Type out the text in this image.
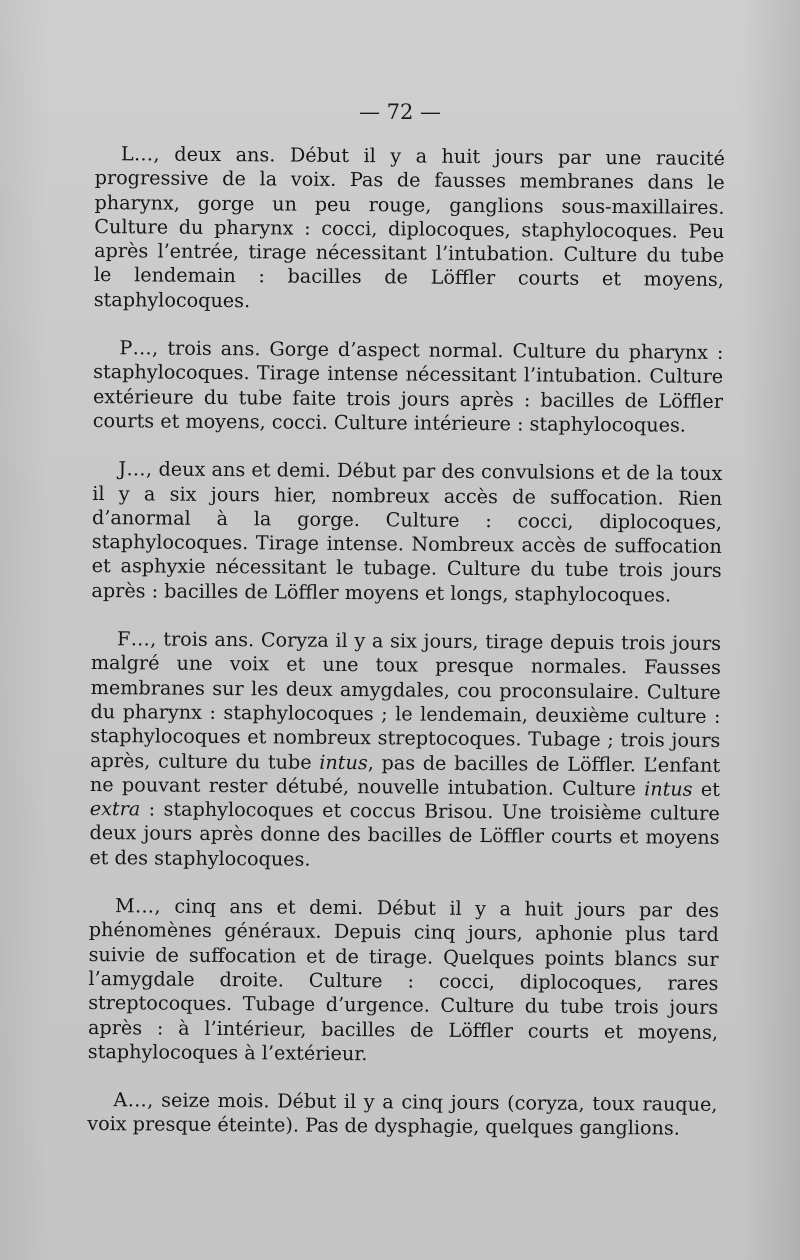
— 72 —

L…, deux ans. Début il y a huit jours par une raucité progressive de la voix. Pas de fausses membranes dans le pharynx, gorge un peu rouge, ganglions sous-maxillaires. Culture du pharynx : cocci, diplocoques, staphylocoques. Peu après l’entrée, tirage nécessitant l’intubation. Culture du tube le lendemain : bacilles de Löffler courts et moyens, staphylocoques.

P…, trois ans. Gorge d’aspect normal. Culture du pharynx : staphylocoques. Tirage intense nécessitant l’intubation. Culture extérieure du tube faite trois jours après : bacilles de Löffler courts et moyens, cocci. Culture intérieure : staphylocoques.

J…, deux ans et demi. Début par des convulsions et de la toux il y a six jours hier, nombreux accès de suffocation. Rien d’anormal à la gorge. Culture : cocci, diplocoques, staphylocoques. Tirage intense. Nombreux accès de suffocation et asphyxie nécessitant le tubage. Culture du tube trois jours après : bacilles de Löffler moyens et longs, staphylocoques.

F…, trois ans. Coryza il y a six jours, tirage depuis trois jours malgré une voix et une toux presque normales. Fausses membranes sur les deux amygdales, cou proconsulaire. Culture du pharynx : staphylocoques ; le lendemain, deuxième culture : staphylocoques et nombreux streptocoques. Tubage ; trois jours après, culture du tube intus, pas de bacilles de Löffler. L’enfant ne pouvant rester détubé, nouvelle intubation. Culture intus et extra : staphylocoques et coccus Brisou. Une troisième culture deux jours après donne des bacilles de Löffler courts et moyens et des staphylocoques.

M…, cinq ans et demi. Début il y a huit jours par des phénomènes généraux. Depuis cinq jours, aphonie plus tard suivie de suffocation et de tirage. Quelques points blancs sur l’amygdale droite. Culture : cocci, diplocoques, rares streptocoques. Tubage d’urgence. Culture du tube trois jours après : à l’intérieur, bacilles de Löffler courts et moyens, staphylocoques à l’extérieur.

A…, seize mois. Début il y a cinq jours (coryza, toux rauque, voix presque éteinte). Pas de dysphagie, quelques ganglions.
